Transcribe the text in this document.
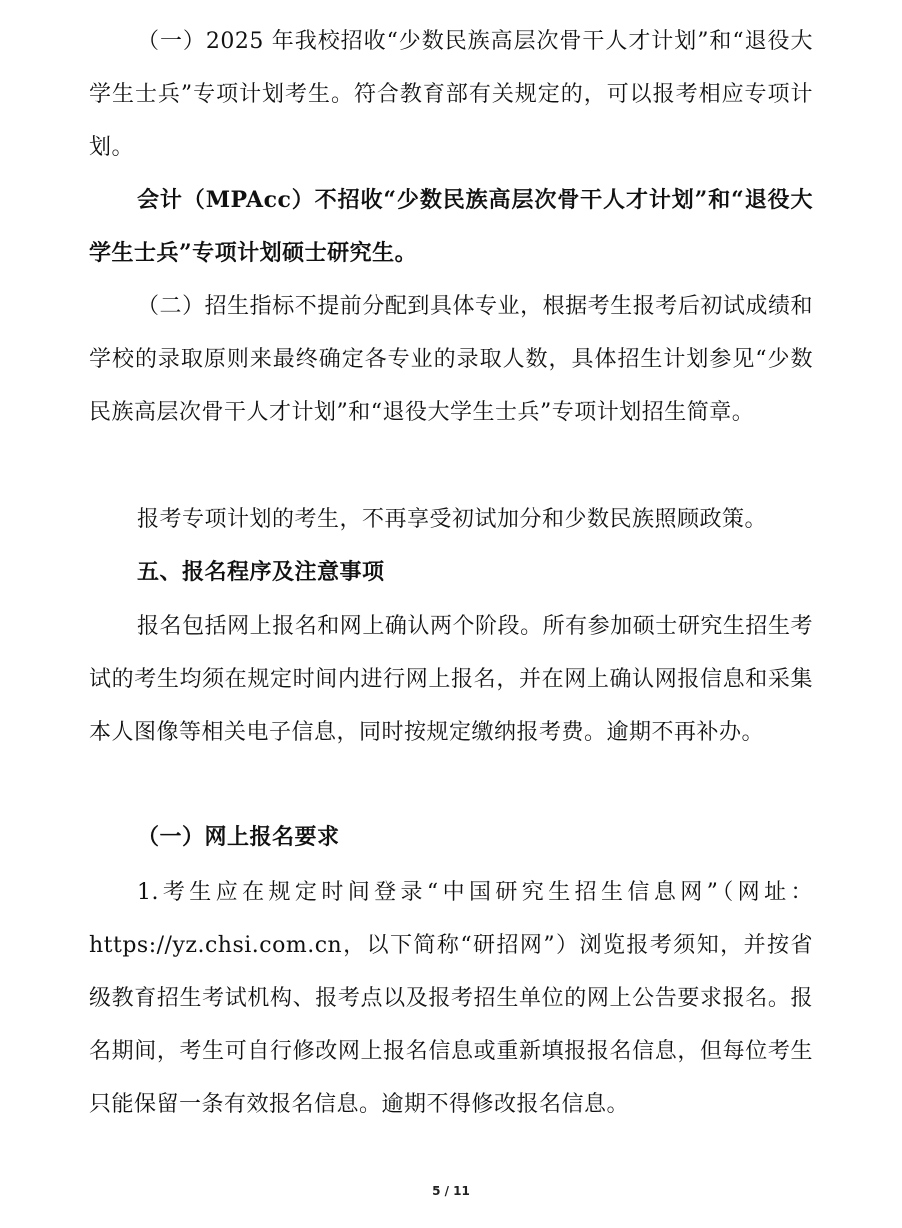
（一）2025 年我校招收“少数民族高层次骨干人才计划”和“退役大学生士兵”专项计划考生。符合教育部有关规定的，可以报考相应专项计划。

会计（MPAcc）不招收“少数民族高层次骨干人才计划”和“退役大学生士兵”专项计划硕士研究生。

（二）招生指标不提前分配到具体专业，根据考生报考后初试成绩和学校的录取原则来最终确定各专业的录取人数，具体招生计划参见“少数民族高层次骨干人才计划”和“退役大学生士兵”专项计划招生简章。

报考专项计划的考生，不再享受初试加分和少数民族照顾政策。

五、报名程序及注意事项

报名包括网上报名和网上确认两个阶段。所有参加硕士研究生招生考试的考生均须在规定时间内进行网上报名，并在网上确认网报信息和采集本人图像等相关电子信息，同时按规定缴纳报考费。逾期不再补办。

（一）网上报名要求

1.考生应在规定时间登录“中国研究生招生信息网”（网址：https://yz.chsi.com.cn，以下简称“研招网”）浏览报考须知，并按省级教育招生考试机构、报考点以及报考招生单位的网上公告要求报名。报名期间，考生可自行修改网上报名信息或重新填报报名信息，但每位考生只能保留一条有效报名信息。逾期不得修改报名信息。

5 / 11
